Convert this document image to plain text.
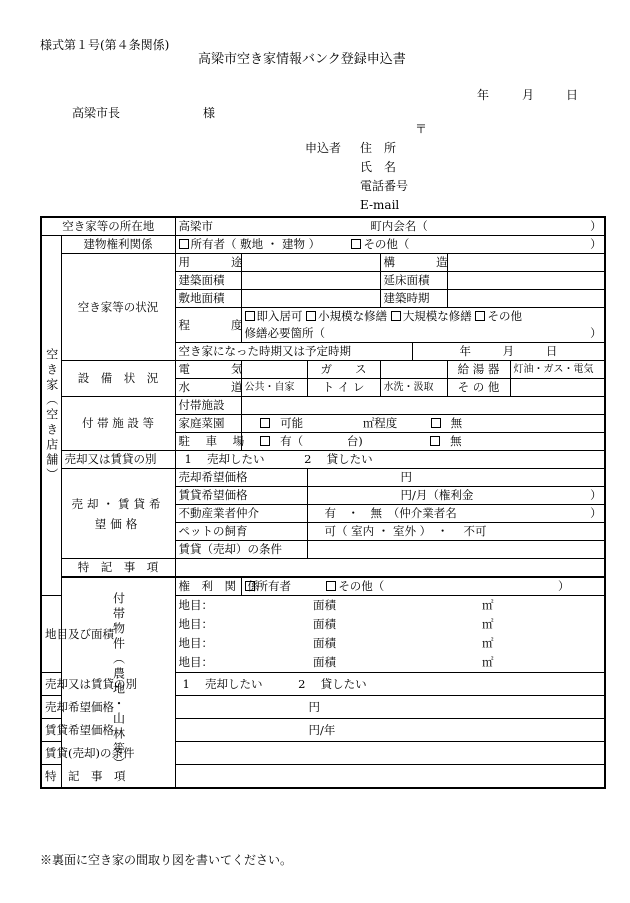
様式第１号(第４条関係)
高梁市空き家情報バンク登録申込書
年	月	日
高梁市長	様
〒
申込者 住　所
氏　名
電話番号
E-mail
空き家等の所在地		高梁市 町内会名（ ）						

空き家（空き店舗）	建物権利関係	所有者（ 敷地 ・ 建物 ） その他（ ）						

	空き家等の状況	用　　途			構　　造			
		建築面積			延床面積			
		敷地面積			建築時期			
		程　　度	即入居可 小規模な修繕 大規模な修繕 その他					
			修繕必要箇所（ ）					

		空き家になった時期又は予定時期				年 月 日		
	設　備　状　況	電　　気		ガ　　ス			給 湯 器	灯油・ガス・電気
		水　　道	公共・自家	ト イ レ	水洗・汲取		そ の 他	
	付 帯 施 設 等	付帯施設						
		家庭菜園	可能 ㎡程度 無					
		駐 車 場	有（ 台) 無					
	売却又は賃貸の別	1　 売却したい 2　 貸したい						
	売却・賃貸希望価格	売却希望価格		円				
		賃貸希望価格		円/月（権利金 ）				

		不動産業者仲介		有　・　無　（仲介業者名 ）				

		ペットの飼育		可（ 室内 ・ 室外 ）　・　 不可				
		賃貸（売却）の条件						

	特　記　事　項							
	付帯物件（農地・山林等）	権　利　関　係	所有者 その他（ ）					
地目及び面積		地目： 面積 ㎡						
		地目： 面積 ㎡						
		地目： 面積 ㎡						
		地目： 面積 ㎡						
売却又は賃貸の別		1　 売却したい 2　 貸したい						
売却希望価格		円						
賃貸希望価格		円/年						
賃貸(売却)の条件								
特　記　事　項								

※裏面に空き家の間取り図を書いてください。
